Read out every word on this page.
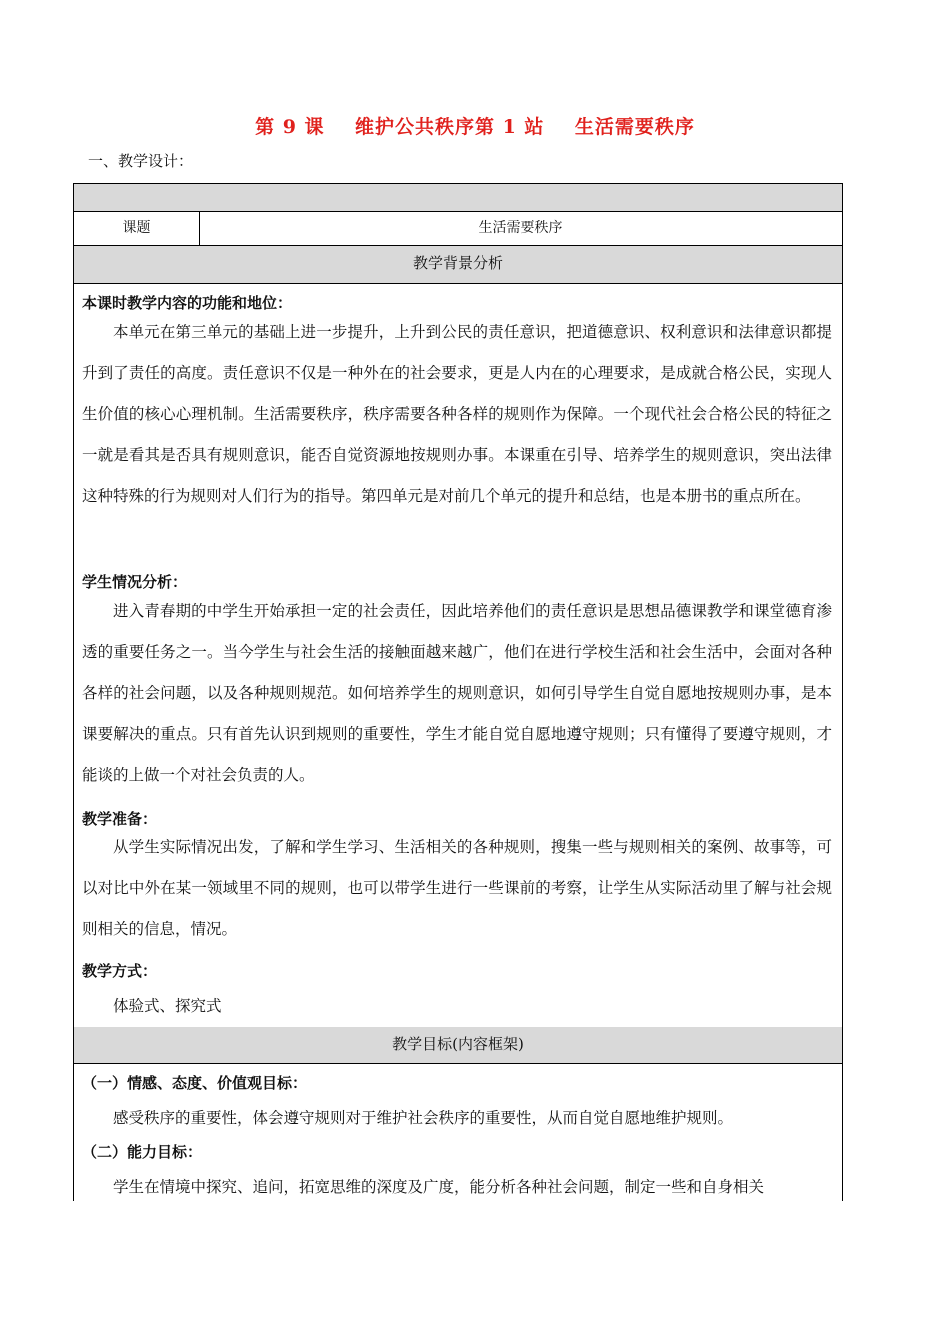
第 9 课    维护公共秩序第 1 站    生活需要秩序
一、教学设计：
课题	生活需要秩序
教学背景分析
本课时教学内容的功能和地位：

本单元在第三单元的基础上进一步提升，上升到公民的责任意识，把道德意识、权利意识和法律意识都提升到了责任的高度。责任意识不仅是一种外在的社会要求，更是人内在的心理要求，是成就合格公民，实现人生价值的核心心理机制。生活需要秩序，秩序需要各种各样的规则作为保障。一个现代社会合格公民的特征之一就是看其是否具有规则意识，能否自觉资源地按规则办事。本课重在引导、培养学生的规则意识，突出法律这种特殊的行为规则对人们行为的指导。第四单元是对前几个单元的提升和总结，也是本册书的重点所在。

学生情况分析：

进入青春期的中学生开始承担一定的社会责任，因此培养他们的责任意识是思想品德课教学和课堂德育渗透的重要任务之一。当今学生与社会生活的接触面越来越广，他们在进行学校生活和社会生活中，会面对各种各样的社会问题，以及各种规则规范。如何培养学生的规则意识，如何引导学生自觉自愿地按规则办事，是本课要解决的重点。只有首先认识到规则的重要性，学生才能自觉自愿地遵守规则；只有懂得了要遵守规则，才能谈的上做一个对社会负责的人。

教学准备：

从学生实际情况出发，了解和学生学习、生活相关的各种规则，搜集一些与规则相关的案例、故事等，可以对比中外在某一领域里不同的规则，也可以带学生进行一些课前的考察，让学生从实际活动里了解与社会规则相关的信息，情况。

教学方式：
体验式、探究式
教学目标(内容框架)
（一）情感、态度、价值观目标：
感受秩序的重要性，体会遵守规则对于维护社会秩序的重要性，从而自觉自愿地维护规则。
（二）能力目标：
学生在情境中探究、追问，拓宽思维的深度及广度，能分析各种社会问题，制定一些和自身相关
